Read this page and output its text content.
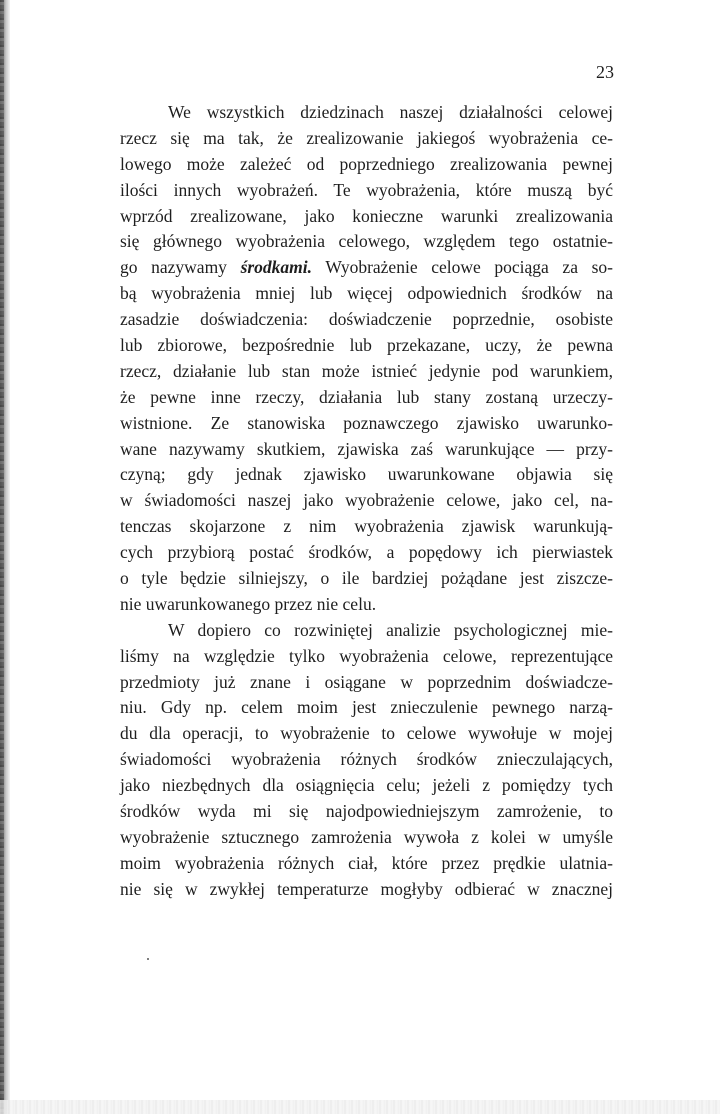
23
We wszystkich dziedzinach naszej działalności celowej
rzecz się ma tak, że zrealizowanie jakiegoś wyobrażenia ce-
lowego może zależeć od poprzedniego zrealizowania pewnej
ilości innych wyobrażeń. Te wyobrażenia, które muszą być
wprzód zrealizowane, jako konieczne warunki zrealizowania
się głównego wyobrażenia celowego, względem tego ostatnie-
go nazywamy środkami. Wyobrażenie celowe pociąga za so-
bą wyobrażenia mniej lub więcej odpowiednich środków na
zasadzie doświadczenia: doświadczenie poprzednie, osobiste
lub zbiorowe, bezpośrednie lub przekazane, uczy, że pewna
rzecz, działanie lub stan może istnieć jedynie pod warunkiem,
że pewne inne rzeczy, działania lub stany zostaną urzeczy-
wistnione. Ze stanowiska poznawczego zjawisko uwarunko-
wane nazywamy skutkiem, zjawiska zaś warunkujące — przy-
czyną; gdy jednak zjawisko uwarunkowane objawia się
w świadomości naszej jako wyobrażenie celowe, jako cel, na-
tenczas skojarzone z nim wyobrażenia zjawisk warunkują-
cych przybiorą postać środków, a popędowy ich pierwiastek
o tyle będzie silniejszy, o ile bardziej pożądane jest ziszcze-
nie uwarunkowanego przez nie celu.
W dopiero co rozwiniętej analizie psychologicznej mie-
liśmy na względzie tylko wyobrażenia celowe, reprezentujące
przedmioty już znane i osiągane w poprzednim doświadcze-
niu. Gdy np. celem moim jest znieczulenie pewnego narzą-
du dla operacji, to wyobrażenie to celowe wywołuje w mojej
świadomości wyobrażenia różnych środków znieczulających,
jako niezbędnych dla osiągnięcia celu; jeżeli z pomiędzy tych
środków wyda mi się najodpowiedniejszym zamrożenie, to
wyobrażenie sztucznego zamrożenia wywoła z kolei w umyśle
moim wyobrażenia różnych ciał, które przez prędkie ulatnia-
nie się w zwykłej temperaturze mogłyby odbierać w znacznej
